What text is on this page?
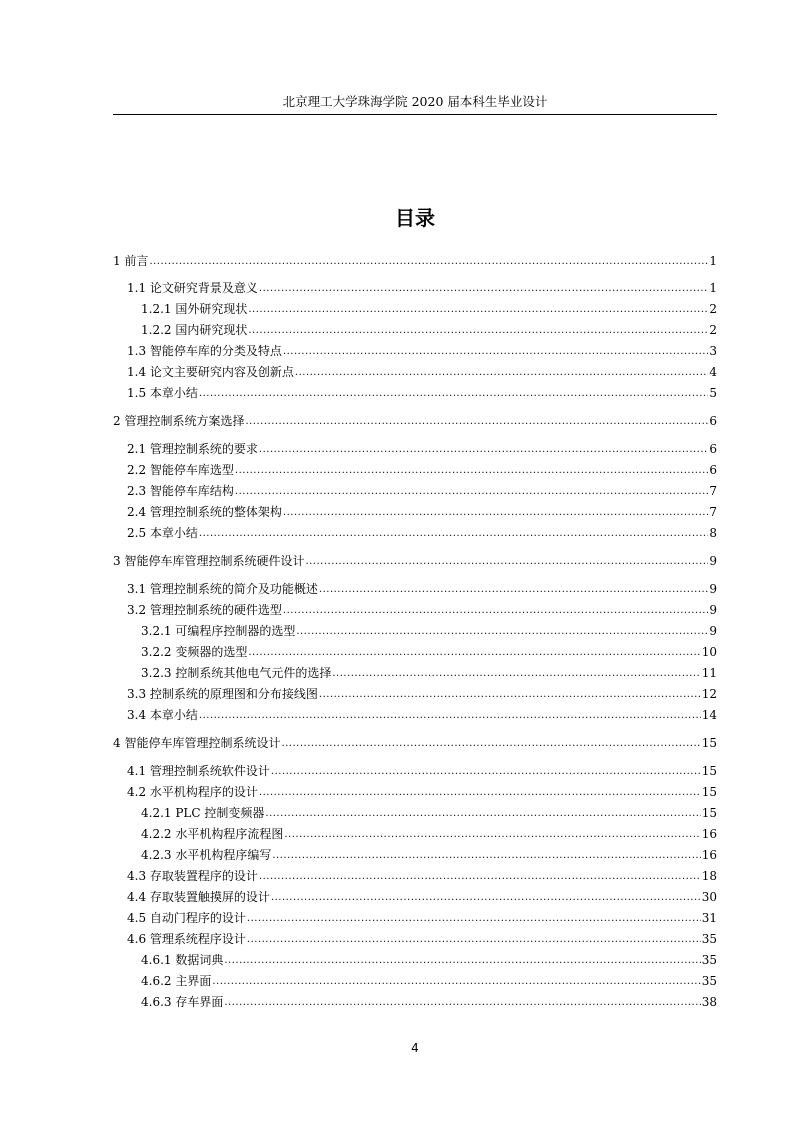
北京理工大学珠海学院 2020 届本科生毕业设计
目录
1 前言 .....	1
1.1 论文研究背景及意义 .....	1
1.2.1 国外研究现状 .....	2
1.2.2 国内研究现状 .....	2
1.3 智能停车库的分类及特点 .....	3
1.4 论文主要研究内容及创新点 .....	4
1.5 本章小结 .....	5
2 管理控制系统方案选择 .....	6
2.1 管理控制系统的要求 .....	6
2.2 智能停车库选型 .....	6
2.3 智能停车库结构 .....	7
2.4 管理控制系统的整体架构 .....	7
2.5 本章小结 .....	8
3 智能停车库管理控制系统硬件设计 .....	9
3.1 管理控制系统的简介及功能概述 .....	9
3.2 管理控制系统的硬件选型 .....	9
3.2.1 可编程序控制器的选型 .....	9
3.2.2 变频器的选型 .....	10
3.2.3 控制系统其他电气元件的选择 .....	11
3.3 控制系统的原理图和分布接线图 .....	12
3.4 本章小结 .....	14
4 智能停车库管理控制系统设计 .....	15
4.1 管理控制系统软件设计 .....	15
4.2 水平机构程序的设计 .....	15
4.2.1 PLC 控制变频器 .....	15
4.2.2 水平机构程序流程图 .....	16
4.2.3 水平机构程序编写 .....	16
4.3 存取装置程序的设计 .....	18
4.4 存取装置触摸屏的设计 .....	30
4.5 自动门程序的设计 .....	31
4.6 管理系统程序设计 .....	35
4.6.1 数据词典 .....	35
4.6.2 主界面 .....	35
4.6.3 存车界面 .....	38
4
